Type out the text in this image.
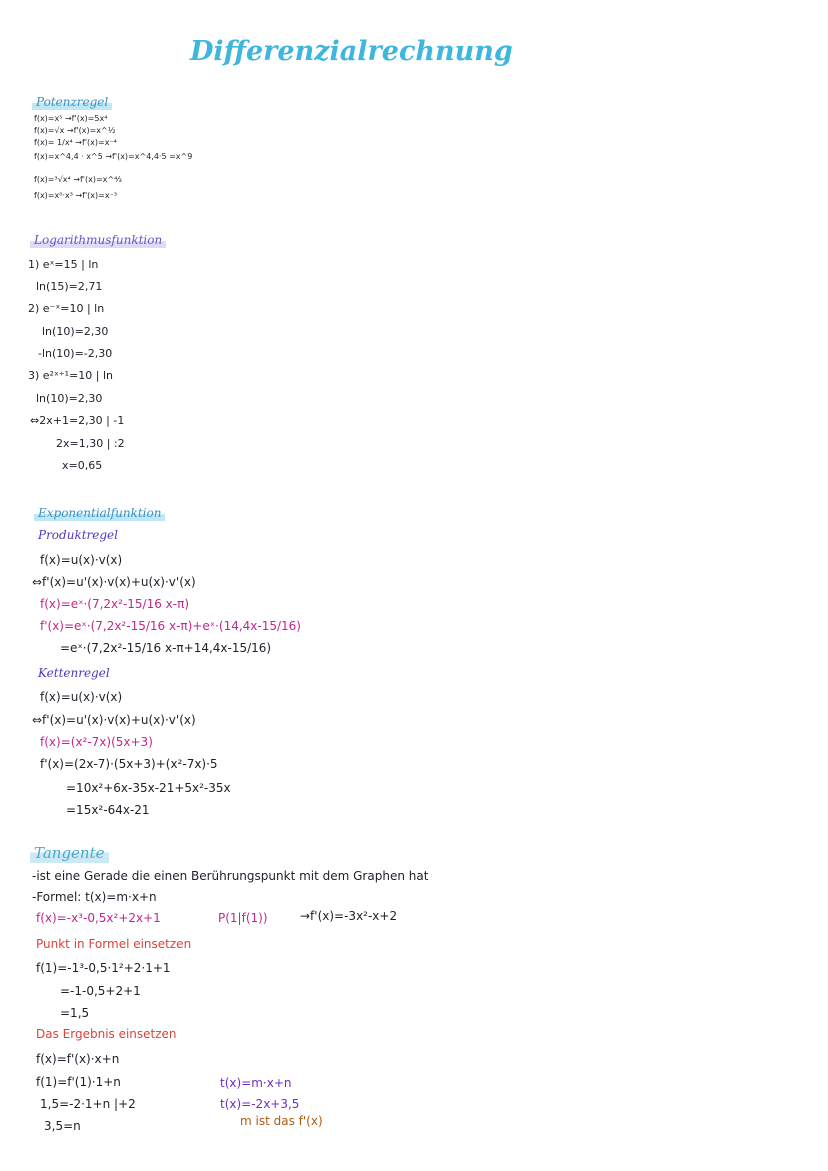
Differenzialrechnung
Potenzregel
f(x)=x⁵ →f'(x)=5x⁴
f(x)=√x →f'(x)=x^½
f(x)= 1/x⁴ →f'(x)=x⁻⁴
f(x)=x^4,4 · x^5 →f'(x)=x^4,4·5 =x^9
f(x)=³√x⁴ →f'(x)=x^⁴⁄₃
f(x)=x⁰·x³ →f'(x)=x⁻³
Logarithmusfunktion
1) eˣ=15 | ln
ln(15)=2,71
2) e⁻ˣ=10 | ln
ln(10)=2,30
-ln(10)=-2,30
3) e²ˣ⁺¹=10 | ln
ln(10)=2,30
⇔2x+1=2,30 | -1
2x=1,30 | :2
x=0,65
Exponentialfunktion
Produktregel
f(x)=u(x)·v(x)
⇔f'(x)=u'(x)·v(x)+u(x)·v'(x)
f(x)=eˣ·(7,2x²-15/16 x-π)
f'(x)=eˣ·(7,2x²-15/16 x-π)+eˣ·(14,4x-15/16)
=eˣ·(7,2x²-15/16 x-π+14,4x-15/16)
Kettenregel
f(x)=u(x)·v(x)
⇔f'(x)=u'(x)·v(x)+u(x)·v'(x)
f(x)=(x²-7x)(5x+3)
f'(x)=(2x-7)·(5x+3)+(x²-7x)·5
=10x²+6x-35x-21+5x²-35x
=15x²-64x-21
Tangente
-ist eine Gerade die einen Berührungspunkt mit dem Graphen hat
-Formel: t(x)=m·x+n
f(x)=-x³-0,5x²+2x+1	P(1|f(1))	→f'(x)=-3x²-x+2
Punkt in Formel einsetzen
f(1)=-1³-0,5·1²+2·1+1
=-1-0,5+2+1
=1,5
Das Ergebnis einsetzen
f(x)=f'(x)·x+n
f(1)=f'(1)·1+n
1,5=-2·1+n |+2
3,5=n
t(x)=m·x+n
t(x)=-2x+3,5
m ist das f'(x)
